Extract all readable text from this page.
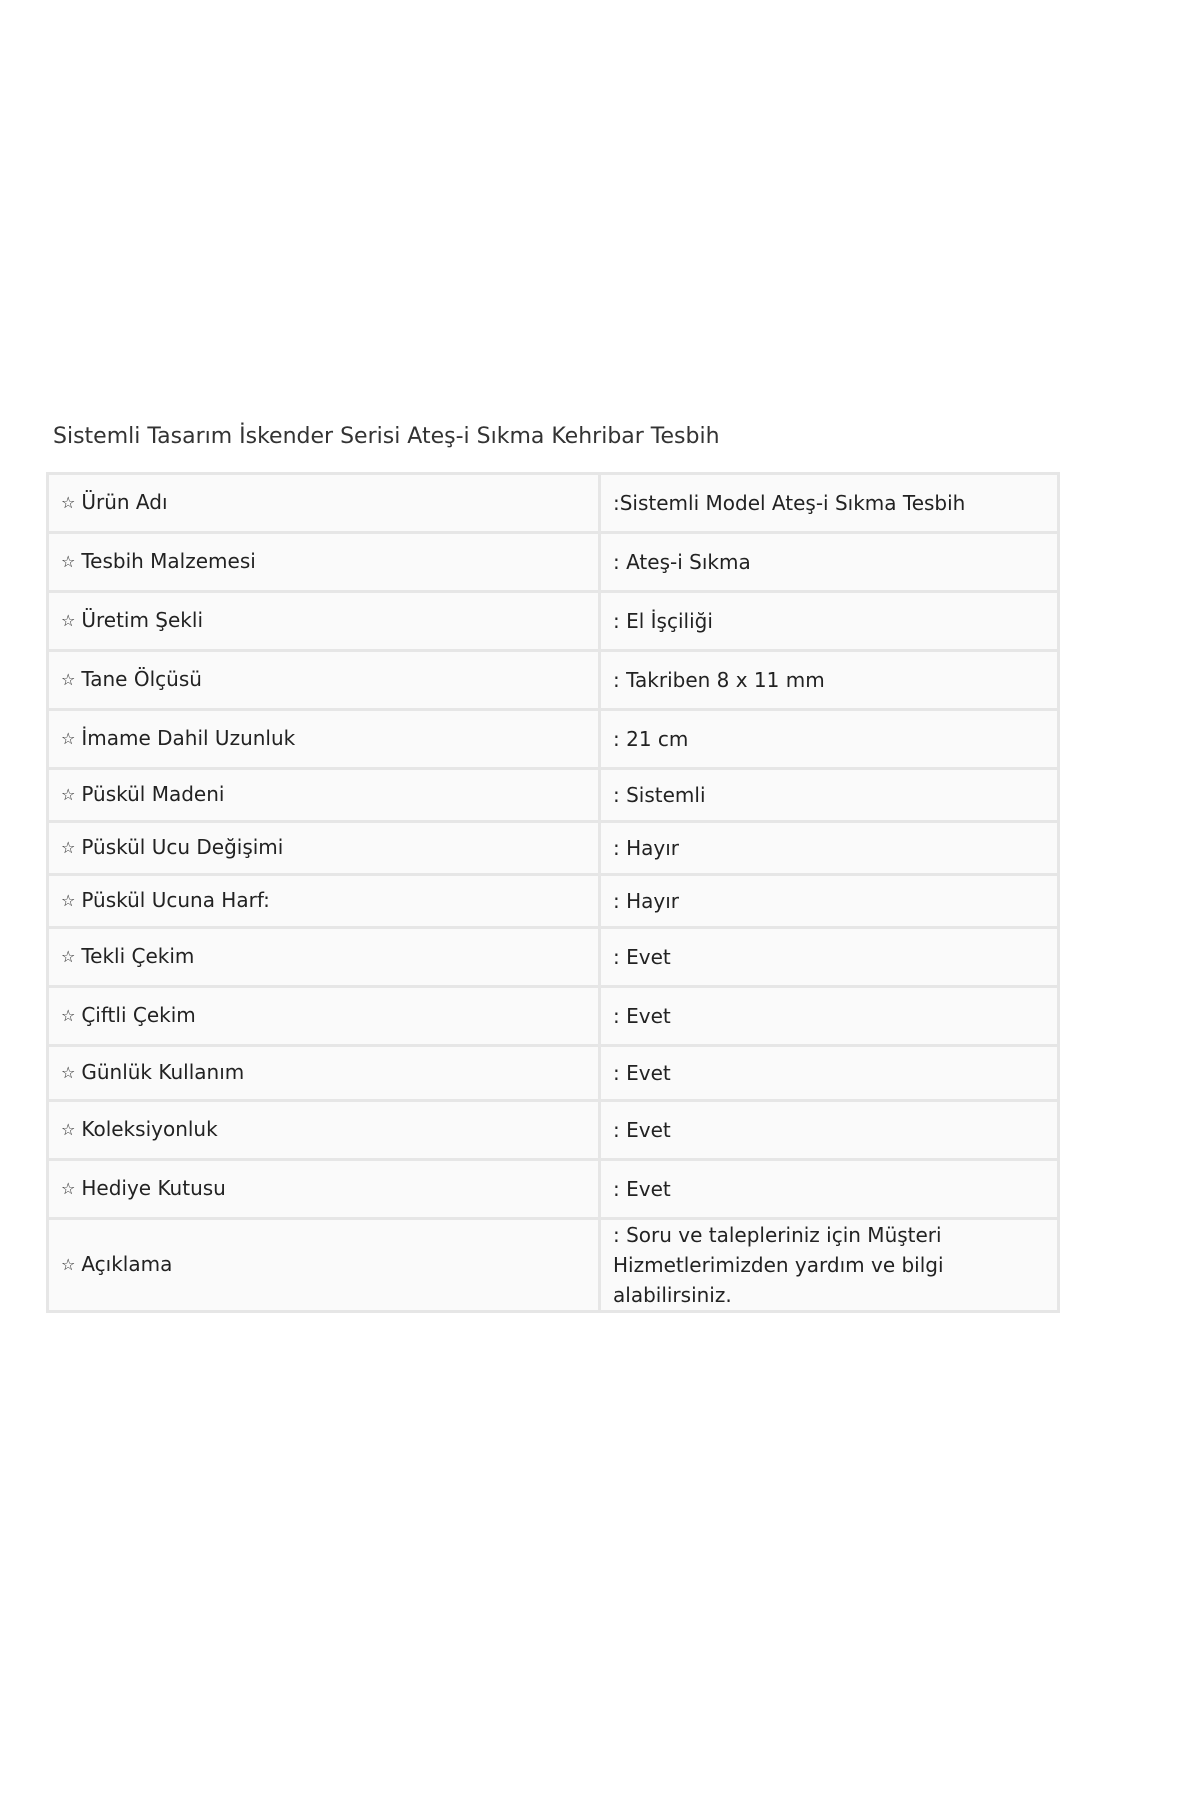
Sistemli Tasarım İskender Serisi Ateş-i Sıkma Kehribar Tesbih
☆ Ürün Adı	:Sistemli Model Ateş-i Sıkma Tesbih
☆ Tesbih Malzemesi	: Ateş-i Sıkma
☆ Üretim Şekli	: El İşçiliği
☆ Tane Ölçüsü	: Takriben 8 x 11 mm
☆ İmame Dahil Uzunluk	: 21 cm
☆ Püskül Madeni	: Sistemli
☆ Püskül Ucu Değişimi	: Hayır
☆ Püskül Ucuna Harf:	: Hayır
☆ Tekli Çekim	: Evet
☆ Çiftli Çekim	: Evet
☆ Günlük Kullanım	: Evet
☆ Koleksiyonluk	: Evet
☆ Hediye Kutusu	: Evet
☆ Açıklama	: Soru ve talepleriniz için Müşteri Hizmetlerimizden yardım ve bilgi alabilirsiniz.
